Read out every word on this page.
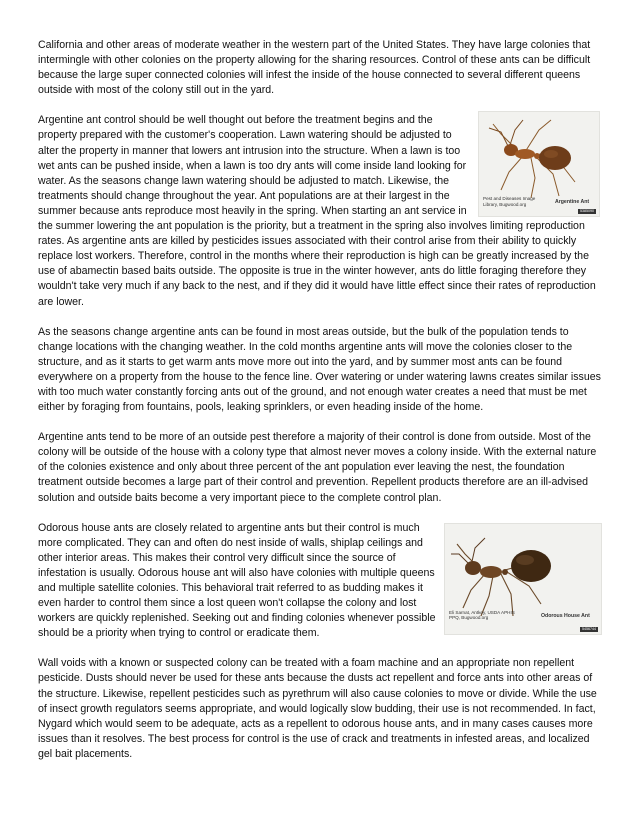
California and other areas of moderate weather in the western part of the United States. They have large colonies that intermingle with other colonies on the property allowing for the sharing resources. Control of these ants can be difficult because the large super connected colonies will infest the inside of the house connected to several different queens outside with most of the colony still out in the yard.

Pest and Diseases Image Library, Bugwood.org	Argentine Ant
5385090

Argentine ant control should be well thought out before the treatment begins and the property prepared with the customer's cooperation. Lawn watering should be adjusted to alter the property in manner that lowers ant intrusion into the structure. When a lawn is too wet ants can be pushed inside, when a lawn is too dry ants will come inside land looking for water. As the seasons change lawn watering should be adjusted to match. Likewise, the treatments should change throughout the year. Ant populations are at their largest in the summer because ants reproduce most heavily in the spring. When starting an ant service in the summer lowering the ant population is the priority, but a treatment in the spring also involves limiting reproduction rates. As argentine ants are killed by pesticides issues associated with their control arise from their ability to quickly replace lost workers. Therefore, control in the months where their reproduction is high can be greatly increased by the use of abamectin based baits outside. The opposite is true in the winter however, ants do little foraging therefore they wouldn't take very much if any back to the nest, and if they did it would have little effect since their rates of reproduction are lower.

As the seasons change argentine ants can be found in most areas outside, but the bulk of the population tends to change locations with the changing weather. In the cold months argentine ants will move the colonies closer to the structure, and as it starts to get warm ants move more out into the yard, and by summer most ants can be found everywhere on a property from the house to the fence line. Over watering or under watering lawns creates similar issues with too much water constantly forcing ants out of the ground, and not enough water creates a need that must be met either by foraging from fountains, pools, leaking sprinklers, or even heading inside of the home.

Argentine ants tend to be more of an outside pest therefore a majority of their control is done from outside. Most of the colony will be outside of the house with a colony type that almost never moves a colony inside. With the external nature of the colonies existence and only about three percent of the ant population ever leaving the nest, the foundation treatment outside becomes a large part of their control and prevention. Repellent products therefore are an ill-advised solution and outside baits become a very important piece to the complete control plan.

Eli Sarnat, Antkey, USDA APHIS PPQ, Bugwood.org	Odorous House Ant
5456744

Odorous house ants are closely related to argentine ants but their control is much more complicated. They can and often do nest inside of walls, shiplap ceilings and other interior areas. This makes their control very difficult since the source of infestation is usually. Odorous house ant will also have colonies with multiple queens and multiple satellite colonies. This behavioral trait referred to as budding makes it even harder to control them since a lost queen won't collapse the colony and lost workers are quickly replenished. Seeking out and finding colonies whenever possible should be a priority when trying to control or eradicate them.

Wall voids with a known or suspected colony can be treated with a foam machine and an appropriate non repellent pesticide. Dusts should never be used for these ants because the dusts act repellent and force ants into other areas of the structure. Likewise, repellent pesticides such as pyrethrum will also cause colonies to move or divide. While the use of insect growth regulators seems appropriate, and would logically slow budding, their use is not recommended. In fact, Nygard which would seem to be adequate, acts as a repellent to odorous house ants, and in many cases causes more issues than it resolves. The best process for control is the use of crack and treatments in infested areas, and localized gel bait placements.
